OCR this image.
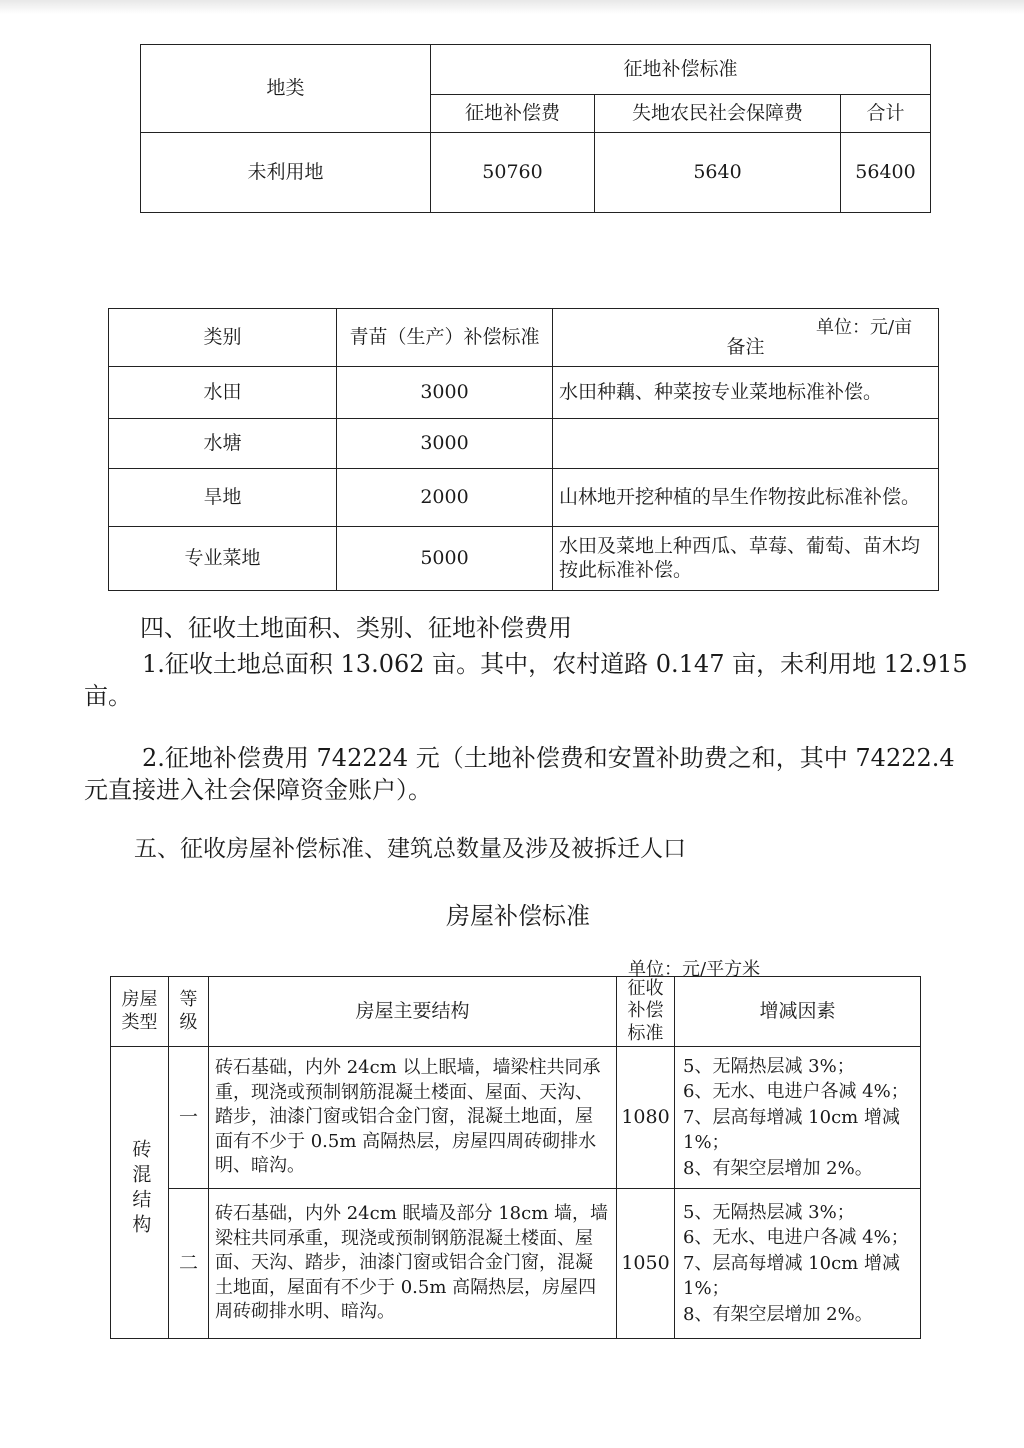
地类	征地补偿标准		
	征地补偿费	失地农民社会保障费	合计
未利用地	50760	5640	56400
单位：元/亩
类别	青苗（生产）补偿标准	备注
水田	3000	水田种藕、种菜按专业菜地标准补偿。
水塘	3000	
旱地	2000	山林地开挖种植的旱生作物按此标准补偿。
专业菜地	5000	水田及菜地上种西瓜、草莓、葡萄、苗木均按此标准补偿。
四、征收土地面积、类别、征地补偿费用
1.征收土地总面积 13.062 亩。其中，农村道路 0.147 亩，未利用地 12.915 亩。
2.征地补偿费用 742224 元（土地补偿费和安置补助费之和，其中 74222.4 元直接进入社会保障资金账户）。
五、征收房屋补偿标准、建筑总数量及涉及被拆迁人口
房屋补偿标准
单位：元/平方米
房屋类型	等级	房屋主要结构	征收补偿标准	增减因素
砖混结构	一	砖石基础，内外 24cm 以上眠墙，墙梁柱共同承重，现浇或预制钢筋混凝土楼面、屋面、天沟、踏步，油漆门窗或铝合金门窗，混凝土地面，屋面有不少于 0.5m 高隔热层，房屋四周砖砌排水明、暗沟。	1080	5、无隔热层减 3%；
6、无水、电进户各减 4%；
7、层高每增减 10cm 增减 1%；
8、有架空层增加 2%。

	二	砖石基础，内外 24cm 眠墙及部分 18cm 墙，墙梁柱共同承重，现浇或预制钢筋混凝土楼面、屋面、天沟、踏步，油漆门窗或铝合金门窗，混凝土地面，屋面有不少于 0.5m 高隔热层，房屋四周砖砌排水明、暗沟。	1050	5、无隔热层减 3%；
6、无水、电进户各减 4%；
7、层高每增减 10cm 增减 1%；
8、有架空层增加 2%。
